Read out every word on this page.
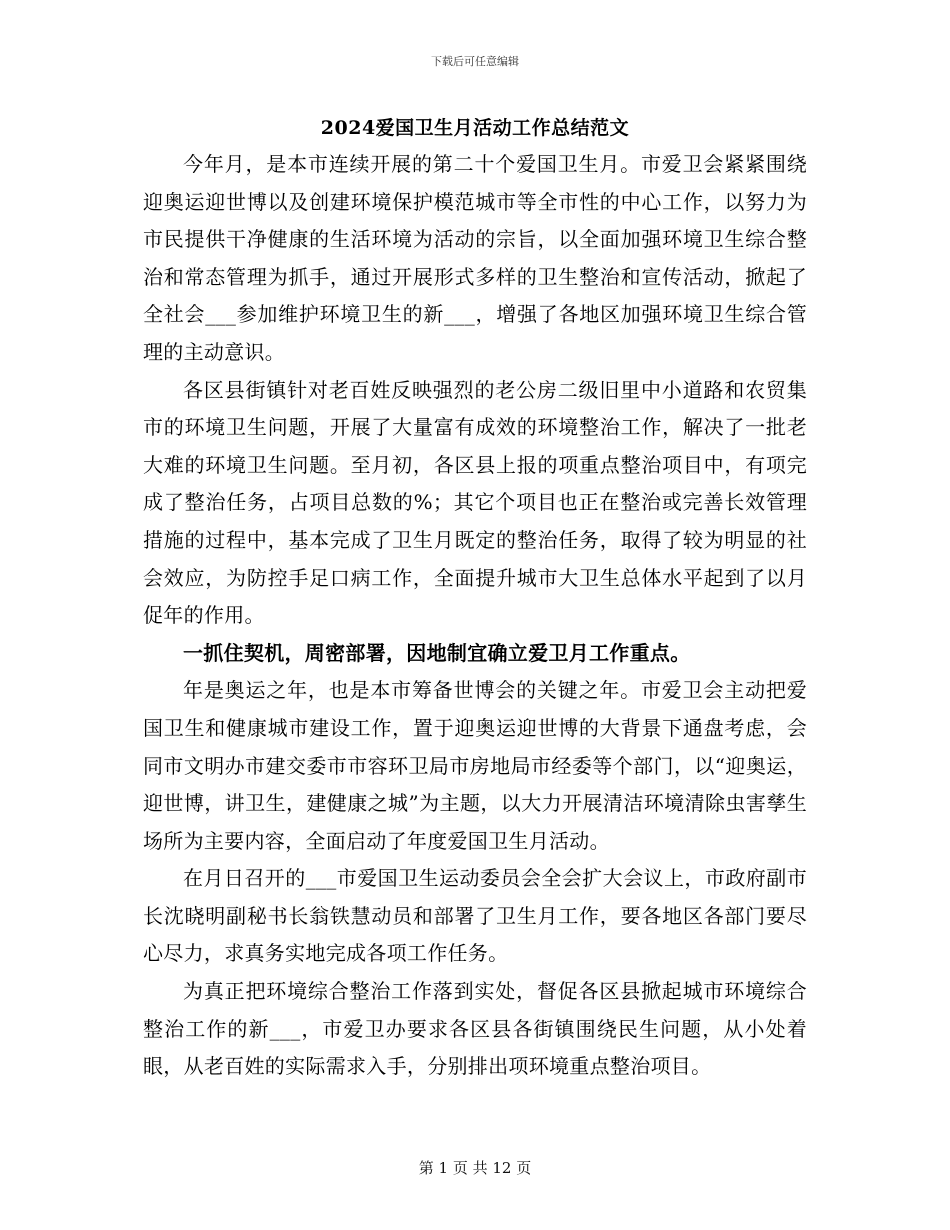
下载后可任意编辑
2024爱国卫生月活动工作总结范文

今年月，是本市连续开展的第二十个爱国卫生月。市爱卫会紧紧围绕迎奥运迎世博以及创建环境保护模范城市等全市性的中心工作，以努力为市民提供干净健康的生活环境为活动的宗旨，以全面加强环境卫生综合整治和常态管理为抓手，通过开展形式多样的卫生整治和宣传活动，掀起了全社会___参加维护环境卫生的新___，增强了各地区加强环境卫生综合管理的主动意识。

各区县街镇针对老百姓反映强烈的老公房二级旧里中小道路和农贸集市的环境卫生问题，开展了大量富有成效的环境整治工作，解决了一批老大难的环境卫生问题。至月初，各区县上报的项重点整治项目中，有项完成了整治任务，占项目总数的%；其它个项目也正在整治或完善长效管理措施的过程中，基本完成了卫生月既定的整治任务，取得了较为明显的社会效应，为防控手足口病工作，全面提升城市大卫生总体水平起到了以月促年的作用。

一抓住契机，周密部署，因地制宜确立爱卫月工作重点。

年是奥运之年，也是本市筹备世博会的关键之年。市爱卫会主动把爱国卫生和健康城市建设工作，置于迎奥运迎世博的大背景下通盘考虑，会同市文明办市建交委市市容环卫局市房地局市经委等个部门，以“迎奥运，迎世博，讲卫生，建健康之城”为主题，以大力开展清洁环境清除虫害孳生场所为主要内容，全面启动了年度爱国卫生月活动。

在月日召开的___市爱国卫生运动委员会全会扩大会议上，市政府副市长沈晓明副秘书长翁铁慧动员和部署了卫生月工作，要各地区各部门要尽心尽力，求真务实地完成各项工作任务。

为真正把环境综合整治工作落到实处，督促各区县掀起城市环境综合整治工作的新___，市爱卫办要求各区县各街镇围绕民生问题，从小处着眼，从老百姓的实际需求入手，分别排出项环境重点整治项目。

第 1 页 共 12 页
